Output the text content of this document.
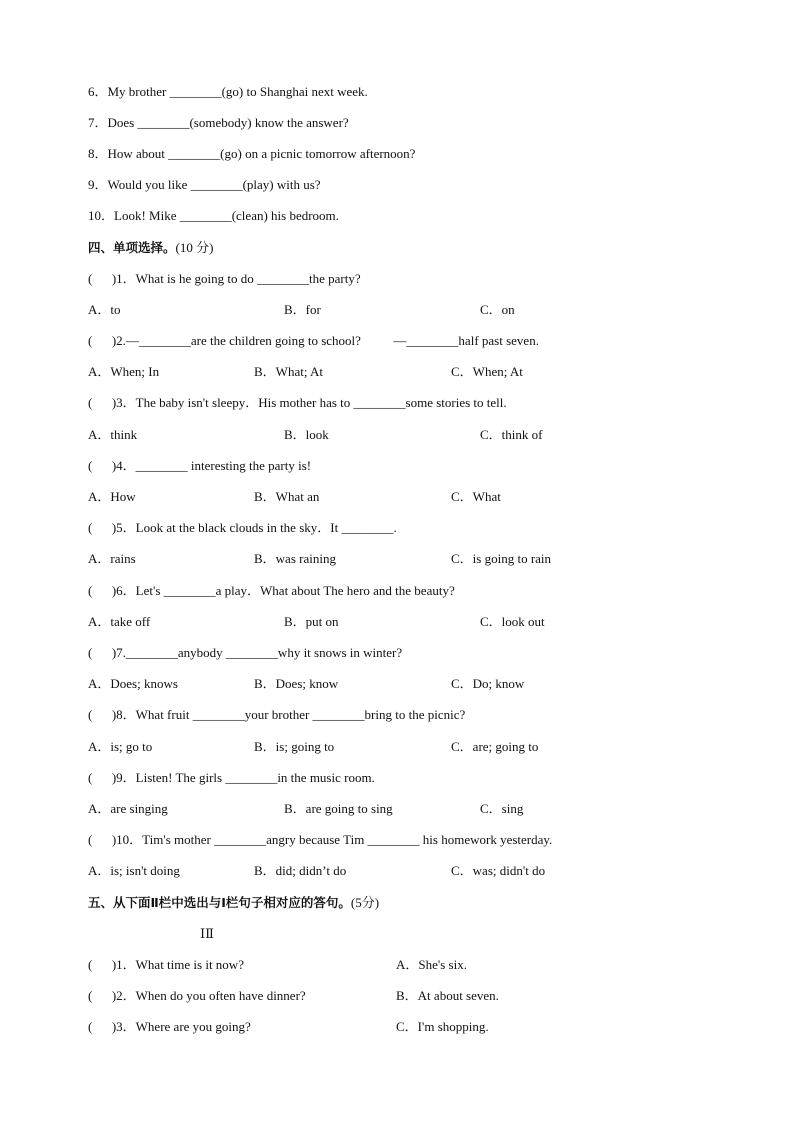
6．My brother ________(go) to Shanghai next week.
7．Does ________(somebody) know the answer?
8．How about ________(go) on a picnic tomorrow afternoon?
9．Would you like ________(play) with us?
10．Look! Mike ________(clean) his bedroom.
四、单项选择。(10 分)
(      )1．What is he going to do ________the party?
A．to	B．for	C．on
(      )2.—________are the children going to school?          —________half past seven.
A．When; In	B．What; At	C．When; At
(      )3．The baby isn't sleepy．His mother has to ________some stories to tell.
A．think	B．look	C．think of
(      )4．________ interesting the party is!
A．How	B．What an	C．What
(      )5．Look at the black clouds in the sky．It ________.
A．rains	B．was raining	C．is going to rain
(      )6．Let's ________a play．What about The hero and the beauty?
A．take off	B．put on	C．look out
(      )7.________anybody ________why it snows in winter?
A．Does; knows	B．Does; know	C．Do; know
(      )8．What fruit ________your brother ________bring to the picnic?
A．is; go to	B．is; going to	C．are; going to
(      )9．Listen! The girls ________in the music room.
A．are singing	B．are going to sing	C．sing
(      )10．Tim's mother ________angry because Tim ________ his homework yesterday.
A．is; isn't doing	B．did; didn’t do	C．was; didn't do
五、从下面Ⅱ栏中选出与Ⅰ栏句子相对应的答句。(5分)
ⅠⅡ
(      )1．What time is it now?	A．She's six.
(      )2．When do you often have dinner?	B．At about seven.
(      )3．Where are you going?	C．I'm shopping.
